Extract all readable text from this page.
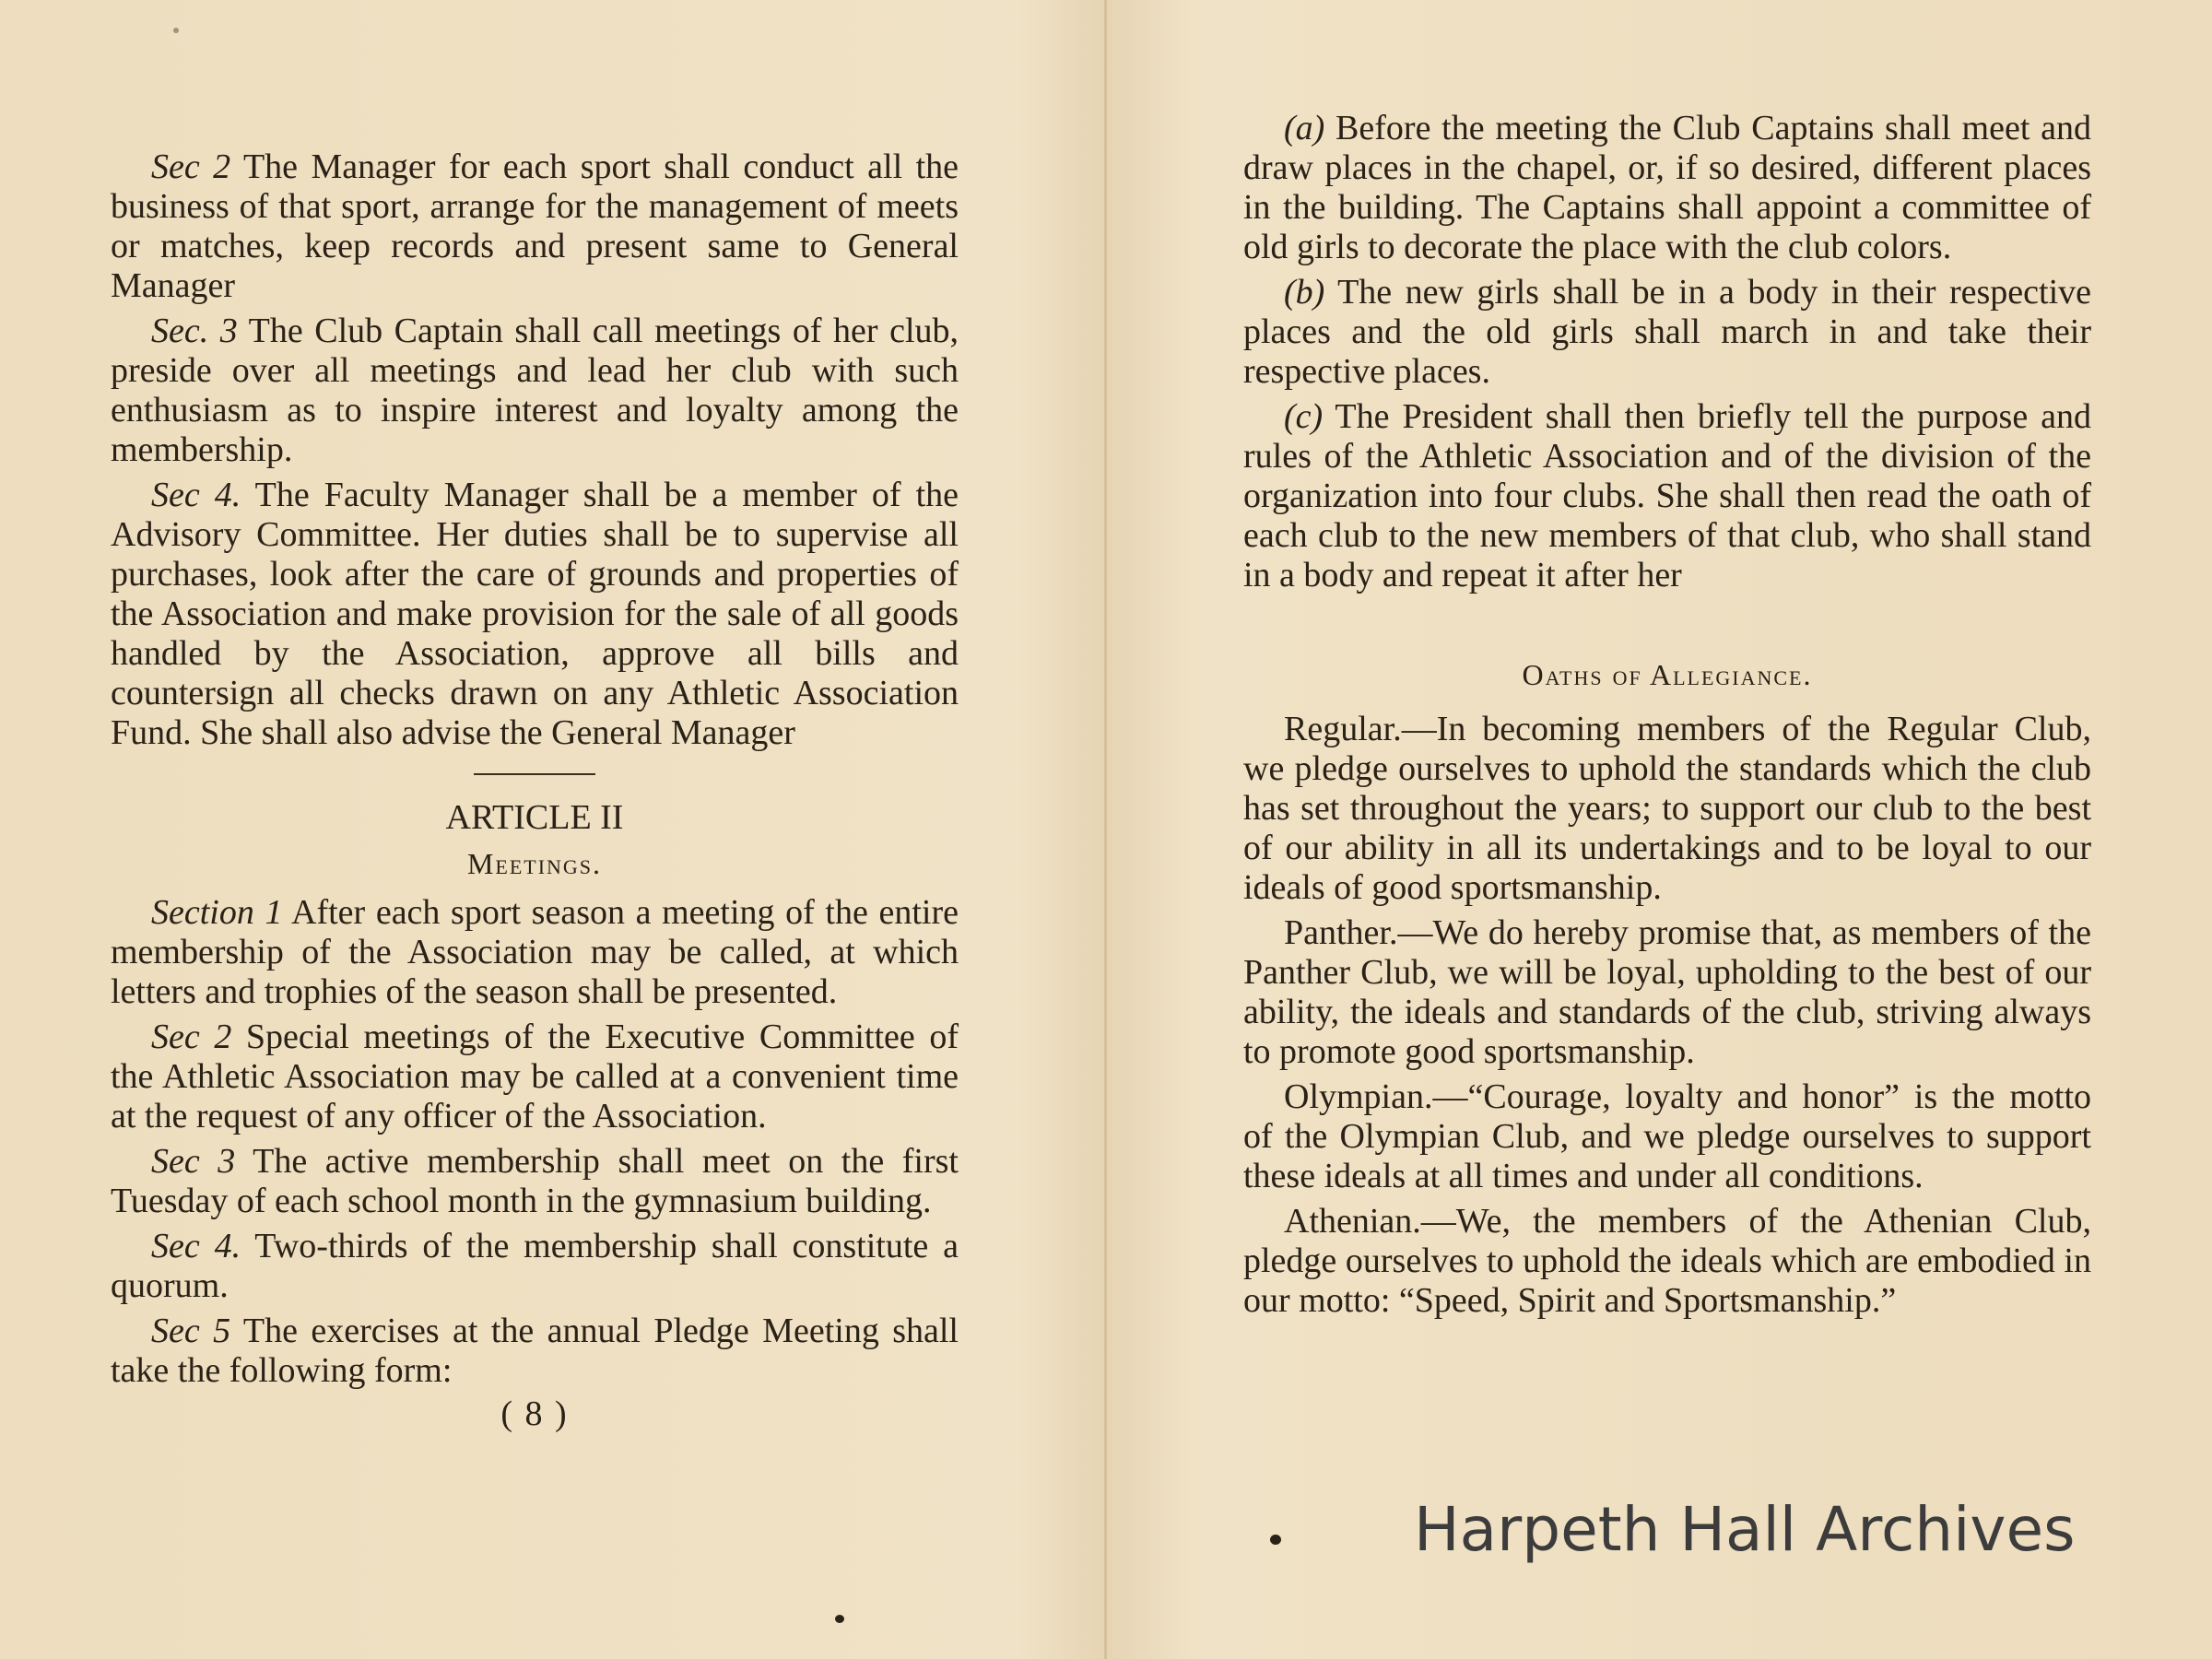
Sec 2 The Manager for each sport shall conduct all the business of that sport, arrange for the management of meets or matches, keep records and present same to General Manager

Sec. 3 The Club Captain shall call meetings of her club, preside over all meetings and lead her club with such enthusiasm as to inspire interest and loyalty among the membership.

Sec 4. The Faculty Manager shall be a member of the Advisory Committee. Her duties shall be to supervise all purchases, look after the care of grounds and properties of the Association and make provision for the sale of all goods handled by the Association, approve all bills and countersign all checks drawn on any Athletic Association Fund. She shall also advise the General Manager

ARTICLE II

Meetings.

Section 1 After each sport season a meeting of the entire membership of the Association may be called, at which letters and trophies of the season shall be presented.

Sec 2 Special meetings of the Executive Committee of the Athletic Association may be called at a convenient time at the request of any officer of the Association.

Sec 3 The active membership shall meet on the first Tuesday of each school month in the gymnasium building.

Sec 4. Two-thirds of the membership shall constitute a quorum.

Sec 5 The exercises at the annual Pledge Meeting shall take the following form:

( 8 )

(a) Before the meeting the Club Captains shall meet and draw places in the chapel, or, if so desired, different places in the building. The Captains shall appoint a committee of old girls to decorate the place with the club colors.

(b) The new girls shall be in a body in their respective places and the old girls shall march in and take their respective places.

(c) The President shall then briefly tell the purpose and rules of the Athletic Association and of the division of the organization into four clubs. She shall then read the oath of each club to the new members of that club, who shall stand in a body and repeat it after her

Oaths of Allegiance.

Regular.—In becoming members of the Regular Club, we pledge ourselves to uphold the standards which the club has set throughout the years; to support our club to the best of our ability in all its undertakings and to be loyal to our ideals of good sportsmanship.

Panther.—We do hereby promise that, as members of the Panther Club, we will be loyal, upholding to the best of our ability, the ideals and standards of the club, striving always to promote good sportsmanship.

Olympian.—“Courage, loyalty and honor” is the motto of the Olympian Club, and we pledge ourselves to support these ideals at all times and under all conditions.

Athenian.—We, the members of the Athenian Club, pledge ourselves to uphold the ideals which are embodied in our motto: “Speed, Spirit and Sportsmanship.”

Harpeth Hall Archives
